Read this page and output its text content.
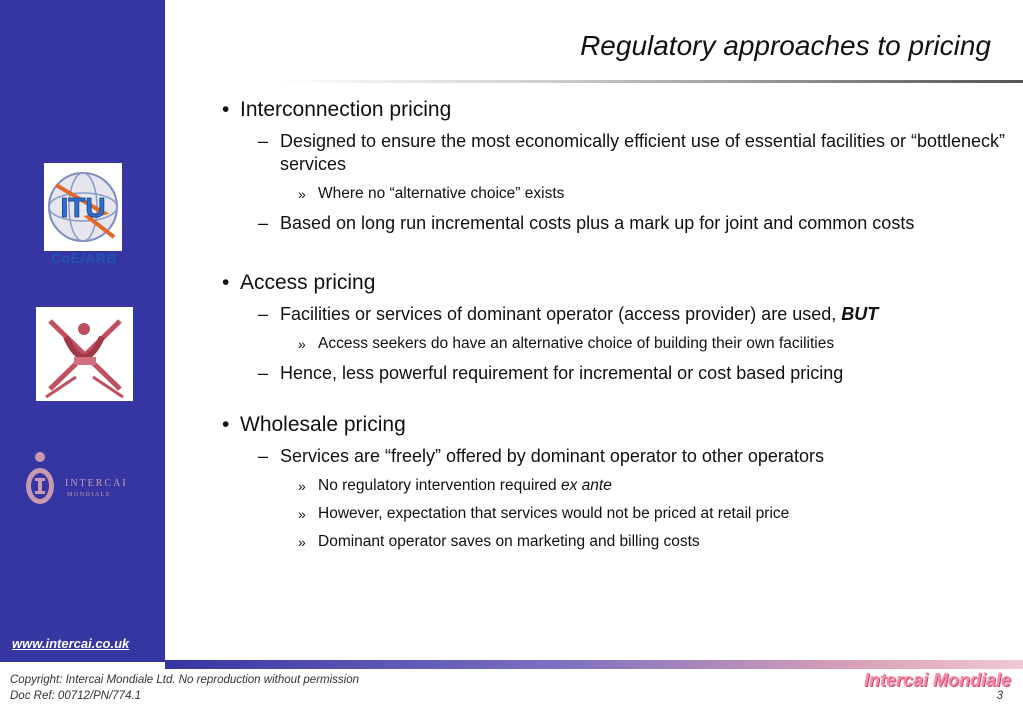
ITU
CoE/ARB
INTERCAI
MONDIALE
www.intercai.co.uk
Regulatory approaches to pricing
• Interconnection pricing
– Designed to ensure the most economically efficient use of essential facilities or “bottleneck” services
» Where no “alternative choice” exists
– Based on long run incremental costs plus a mark up for joint and common costs
• Access pricing
– Facilities or services of dominant operator (access provider) are used, BUT
» Access seekers do have an alternative choice of building their own facilities
– Hence, less powerful requirement for incremental or cost based pricing
• Wholesale pricing
– Services are “freely” offered by dominant operator to other operators
» No regulatory intervention required ex ante
» However, expectation that services would not be priced at retail price
» Dominant operator saves on marketing and billing costs
Copyright: Intercai Mondiale Ltd. No reproduction without permission
Doc Ref: 00712/PN/774.1
Intercai Mondiale
3
